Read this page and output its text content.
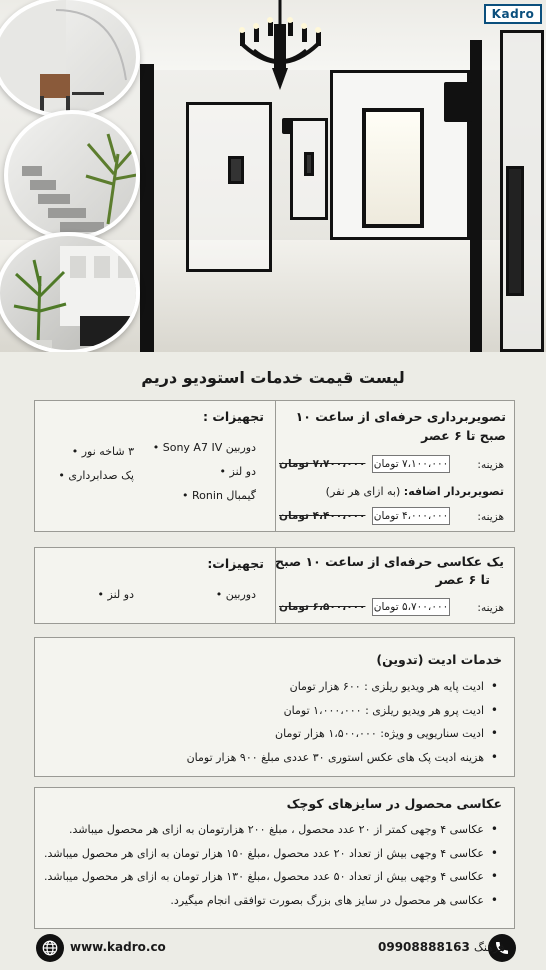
Kadro
لیست قیمت خدمات استودیو دریم
تصویربرداری حرفه‌ای از ساعت ۱۰ صبح تا ۶ عصر
هزینه:
۷،۱۰۰،۰۰۰ تومان
۷،۷۰۰،۰۰۰ تومان
تصویربردار اضافه: (به ازای هر نفر)
هزینه:
۴،۰۰۰،۰۰۰ تومان
۴،۴۰۰،۰۰۰ تومان
تجهیزات :
دوربین Sony A7 IV •
دو لنز •
گیمبال Ronin •
۳ شاخه نور •
پک صدابرداری •
یک عکاسی حرفه‌ای از ساعت ۱۰ صبح
تا ۶ عصر
هزینه:
۵،۷۰۰،۰۰۰ تومان
۶،۵۰۰،۰۰۰ تومان
تجهیزات:
دوربین •
دو لنز •
خدمات ادیت (تدوین)
• ادیت پایه هر ویدیو ریلزی : ۶۰۰ هزار تومان
• ادیت پرو هر ویدیو ریلزی : ۱،۰۰۰،۰۰۰ تومان
• ادیت سناریویی و ویژه: ۱،۵۰۰،۰۰۰ هزار تومان
• هزینه ادیت پک های عکس استوری ۳۰ عددی مبلغ ۹۰۰ هزار تومان
عکاسی محصول در سایزهای کوچک
• عکاسی ۴ وجهی کمتر از ۲۰ عدد محصول ، مبلغ ۲۰۰ هزارتومان به ازای هر محصول میباشد.
• عکاسی ۴ وجهی بیش از تعداد ۲۰ عدد محصول ،مبلغ ۱۵۰ هزار تومان به ازای هر محصول میباشد.
• عکاسی ۴ وجهی بیش از تعداد ۵۰ عدد محصول ،مبلغ ۱۳۰ هزار تومان به ازای هر محصول میباشد.
• عکاسی هر محصول در سایز های بزرگ بصورت توافقی انجام میگیرد.
فرهنگ 09908888163
www.kadro.co
